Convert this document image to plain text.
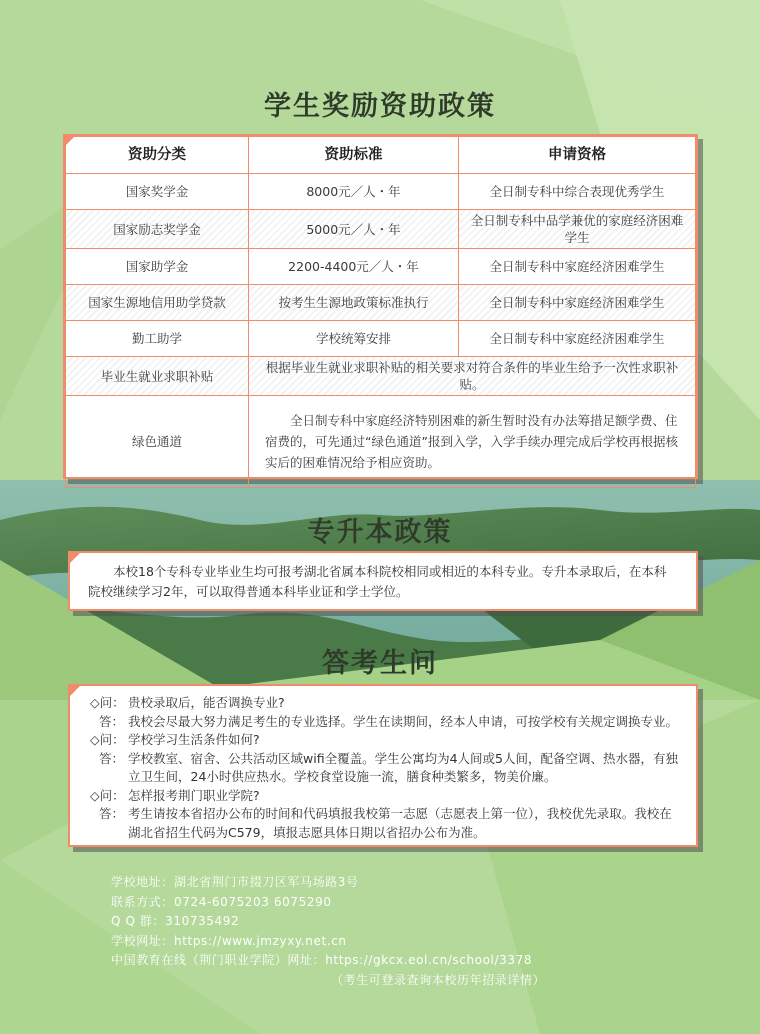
学生奖励资助政策
资助分类	资助标准	申请资格
国家奖学金	8000元／人・年	全日制专科中综合表现优秀学生
国家励志奖学金	5000元／人・年	全日制专科中品学兼优的家庭经济困难学生
国家助学金	2200-4400元／人・年	全日制专科中家庭经济困难学生
国家生源地信用助学贷款	按考生生源地政策标准执行	全日制专科中家庭经济困难学生
勤工助学	学校统筹安排	全日制专科中家庭经济困难学生
毕业生就业求职补贴	根据毕业生就业求职补贴的相关要求对符合条件的毕业生给予一次性求职补贴。	
绿色通道	全日制专科中家庭经济特别困难的新生暂时没有办法筹措足额学费、住宿费的，可先通过“绿色通道”报到入学，入学手续办理完成后学校再根据核实后的困难情况给予相应资助。	
专升本政策

本校18个专科专业毕业生均可报考湖北省属本科院校相同或相近的本科专业。专升本录取后，在本科院校继续学习2年，可以取得普通本科毕业证和学士学位。

答考生问
◇问： 贵校录取后，能否调换专业?
答： 我校会尽最大努力满足考生的专业选择。学生在读期间，经本人申请，可按学校有关规定调换专业。
◇问： 学校学习生活条件如何?
答： 学校教室、宿舍、公共活动区域wifi全覆盖。学生公寓均为4人间或5人间，配备空调、热水器，有独立卫生间，24小时供应热水。学校食堂设施一流，膳食种类繁多，物美价廉。
◇问： 怎样报考荆门职业学院?
答： 考生请按本省招办公布的时间和代码填报我校第一志愿（志愿表上第一位），我校优先录取。我校在湖北省招生代码为C579，填报志愿具体日期以省招办公布为准。
学校地址：湖北省荆门市掇刀区军马场路3号
联系方式：0724-6075203 6075290
Q Q 群：310735492
学校网址：https://www.jmzyxy.net.cn
中国教育在线（荆门职业学院）网址：https://gkcx.eol.cn/school/3378
（考生可登录查询本校历年招录详情）
